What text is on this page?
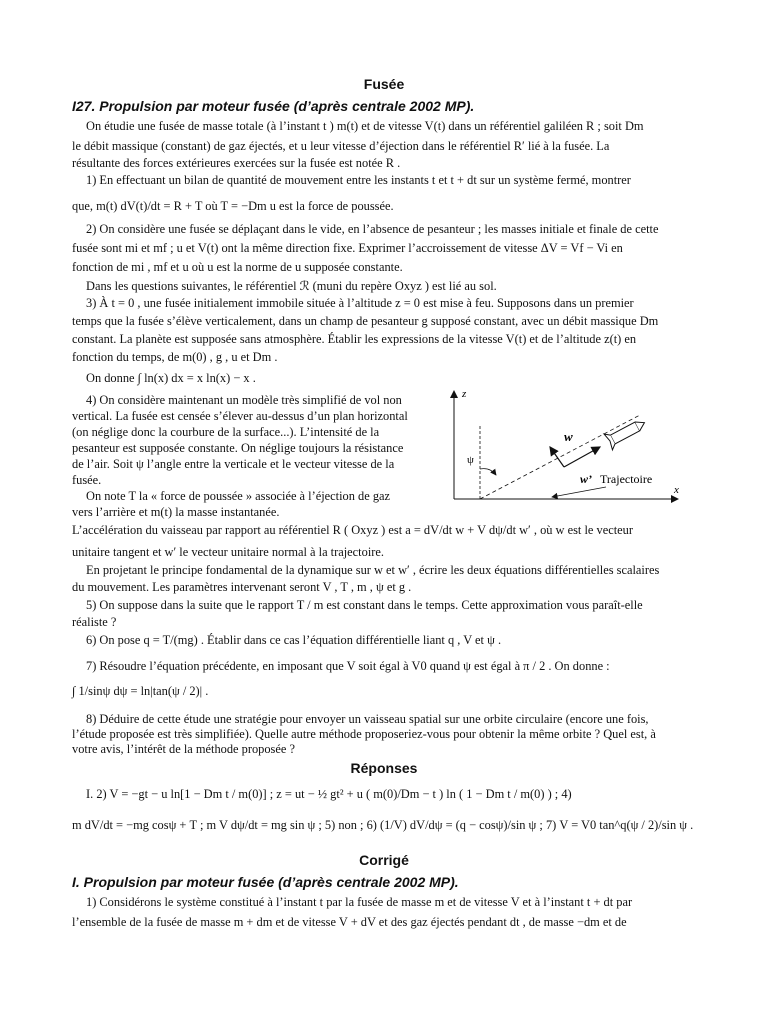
Fusée
I27. Propulsion par moteur fusée (d’après centrale 2002 MP).
On étudie une fusée de masse totale (à l’instant t ) m(t) et de vitesse V(t) dans un référentiel galiléen R ; soit Dm
le débit massique (constant) de gaz éjectés, et u leur vitesse d’éjection dans le référentiel R′ lié à la fusée. La
résultante des forces extérieures exercées sur la fusée est notée R .
1) En effectuant un bilan de quantité de mouvement entre les instants t et t + dt sur un système fermé, montrer
que, m(t) dV(t)/dt = R + T où T = −Dm u est la force de poussée.
2) On considère une fusée se déplaçant dans le vide, en l’absence de pesanteur ; les masses initiale et finale de cette
fusée sont mi et mf ; u et V(t) ont la même direction fixe. Exprimer l’accroissement de vitesse ΔV = Vf − Vi en
fonction de mi , mf et u où u est la norme de u supposée constante.
Dans les questions suivantes, le référentiel ℛ (muni du repère Oxyz ) est lié au sol.
3) À t = 0 , une fusée initialement immobile située à l’altitude z = 0 est mise à feu. Supposons dans un premier
temps que la fusée s’élève verticalement, dans un champ de pesanteur g supposé constant, avec un débit massique Dm
constant. La planète est supposée sans atmosphère. Établir les expressions de la vitesse V(t) et de l’altitude z(t) en
fonction du temps, de m(0) , g , u et Dm .
On donne ∫ ln(x) dx = x ln(x) − x .
4) On considère maintenant un modèle très simplifié de vol non
vertical. La fusée est censée s’élever au-dessus d’un plan horizontal
(on néglige donc la courbure de la surface...). L’intensité de la
pesanteur est supposée constante. On néglige toujours la résistance
de l’air. Soit ψ l’angle entre la verticale et le vecteur vitesse de la
fusée.
On note T la « force de poussée » associée à l’éjection de gaz
vers l’arrière et m(t) la masse instantanée.
z
x
ψ
w
w’ Trajectoire
L’accélération du vaisseau par rapport au référentiel R ( Oxyz ) est a = dV/dt w + V dψ/dt w′ , où w est le vecteur
unitaire tangent et w′ le vecteur unitaire normal à la trajectoire.
En projetant le principe fondamental de la dynamique sur w et w′ , écrire les deux équations différentielles scalaires
du mouvement. Les paramètres intervenant seront V , T , m , ψ et g .
5) On suppose dans la suite que le rapport T / m est constant dans le temps. Cette approximation vous paraît-elle
réaliste ?
6) On pose q = T/(mg) . Établir dans ce cas l’équation différentielle liant q , V et ψ .
7) Résoudre l’équation précédente, en imposant que V soit égal à V0 quand ψ est égal à π / 2 . On donne :
∫ 1/sinψ dψ = ln|tan(ψ / 2)| .
8) Déduire de cette étude une stratégie pour envoyer un vaisseau spatial sur une orbite circulaire (encore une fois,
l’étude proposée est très simplifiée). Quelle autre méthode proposeriez-vous pour obtenir la même orbite ? Quel est, à
votre avis, l’intérêt de la méthode proposée ?
Réponses
I. 2) V = −gt − u ln[1 − Dm t / m(0)] ; z = ut − ½ gt² + u ( m(0)/Dm − t ) ln ( 1 − Dm t / m(0) ) ; 4)
m dV/dt = −mg cosψ + T ; m V dψ/dt = mg sin ψ ; 5) non ; 6) (1/V) dV/dψ = (q − cosψ)/sin ψ ; 7) V = V0 tan^q(ψ / 2)/sin ψ .
Corrigé
I. Propulsion par moteur fusée (d’après centrale 2002 MP).
1) Considérons le système constitué à l’instant t par la fusée de masse m et de vitesse V et à l’instant t + dt par
l’ensemble de la fusée de masse m + dm et de vitesse V + dV et des gaz éjectés pendant dt , de masse −dm et de
